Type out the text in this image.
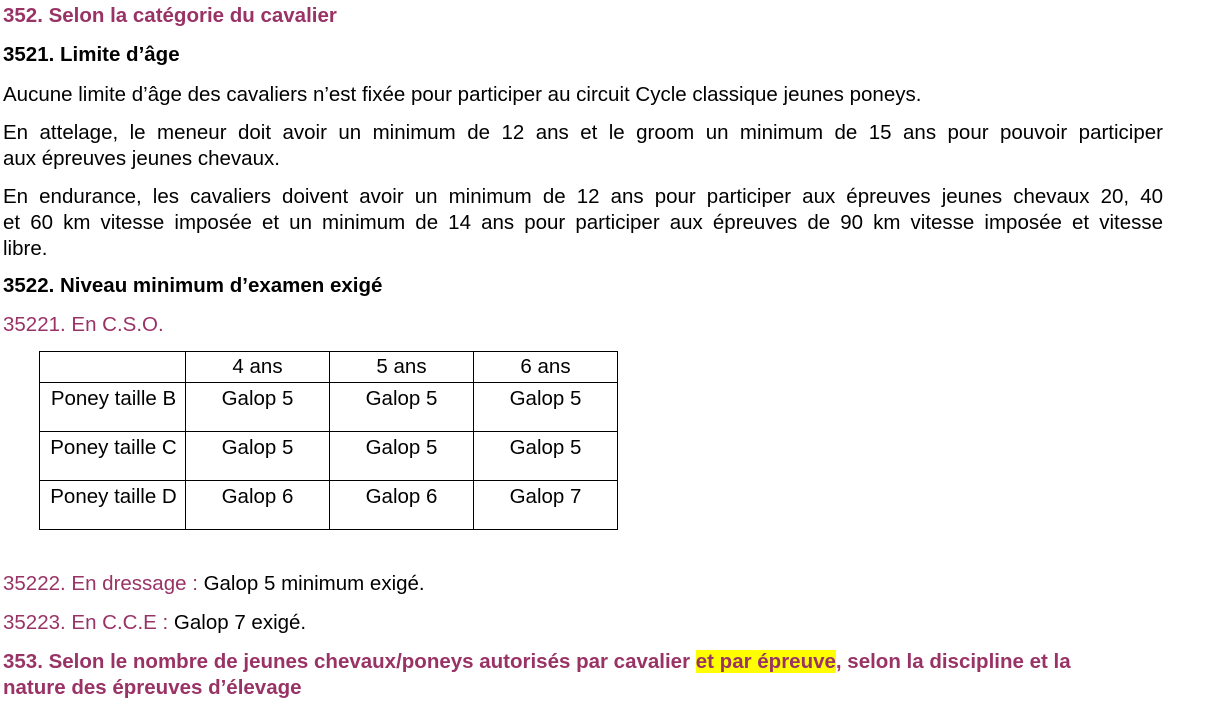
352. Selon la catégorie du cavalier
3521. Limite d’âge
Aucune limite d’âge des cavaliers n’est fixée pour participer au circuit Cycle classique jeunes poneys.
En attelage, le meneur doit avoir un minimum de 12 ans et le groom un minimum de 15 ans pour pouvoir participer
aux épreuves jeunes chevaux.
En endurance, les cavaliers doivent avoir un minimum de 12 ans pour participer aux épreuves jeunes chevaux 20, 40
et 60 km vitesse imposée et un minimum de 14 ans pour participer aux épreuves de 90 km vitesse imposée et vitesse
libre.
3522. Niveau minimum d’examen exigé
35221. En C.S.O.
	4 ans	5 ans	6 ans
Poney taille B	Galop 5	Galop 5	Galop 5
Poney taille C	Galop 5	Galop 5	Galop 5
Poney taille D	Galop 6	Galop 6	Galop 7
35222. En dressage : Galop 5 minimum exigé.
35223. En C.C.E : Galop 7 exigé.
353. Selon le nombre de jeunes chevaux/poneys autorisés par cavalier et par épreuve, selon la discipline et la
nature des épreuves d’élevage
